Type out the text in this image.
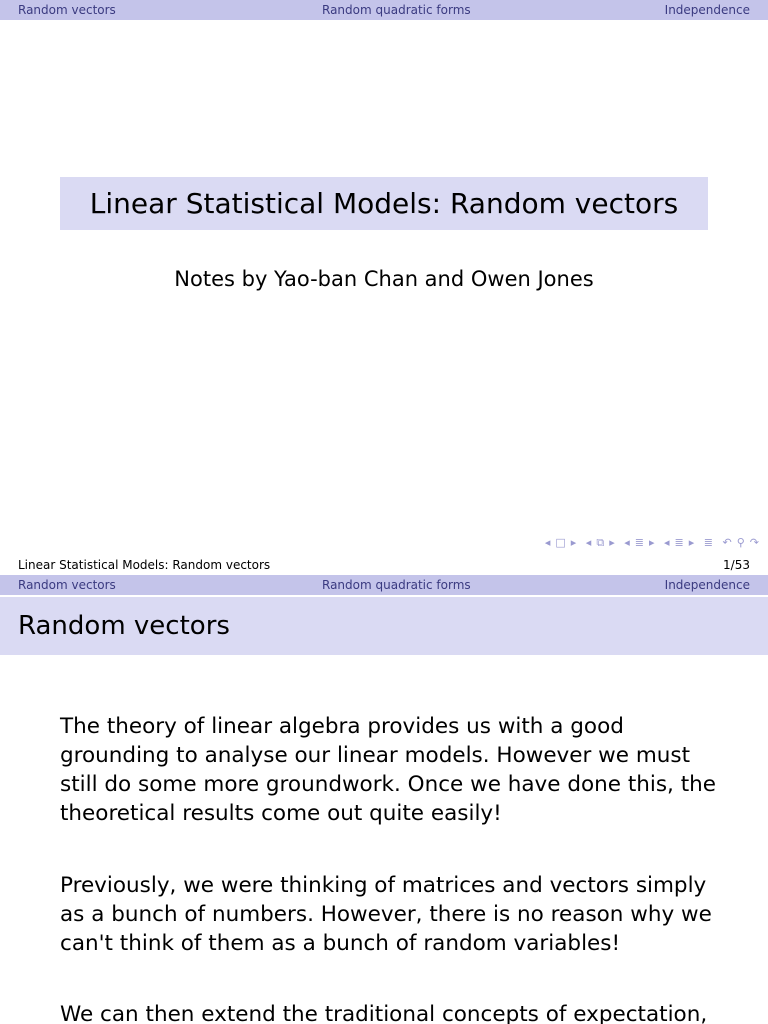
Random vectors	Random quadratic forms	Independence
Linear Statistical Models: Random vectors
Notes by Yao-ban Chan and Owen Jones
◂ □ ▸ ◂ ⧉ ▸ ◂ ≣ ▸ ◂ ≣ ▸ ≣ ↶ ⚲ ↷
Linear Statistical Models: Random vectors	1/53
Random vectors	Random quadratic forms	Independence
Random vectors

The theory of linear algebra provides us with a good grounding to analyse our linear models. However we must still do some more groundwork. Once we have done this, the theoretical results come out quite easily!

Previously, we were thinking of matrices and vectors simply as a bunch of numbers. However, there is no reason why we can't think of them as a bunch of random variables!

We can then extend the traditional concepts of expectation,
